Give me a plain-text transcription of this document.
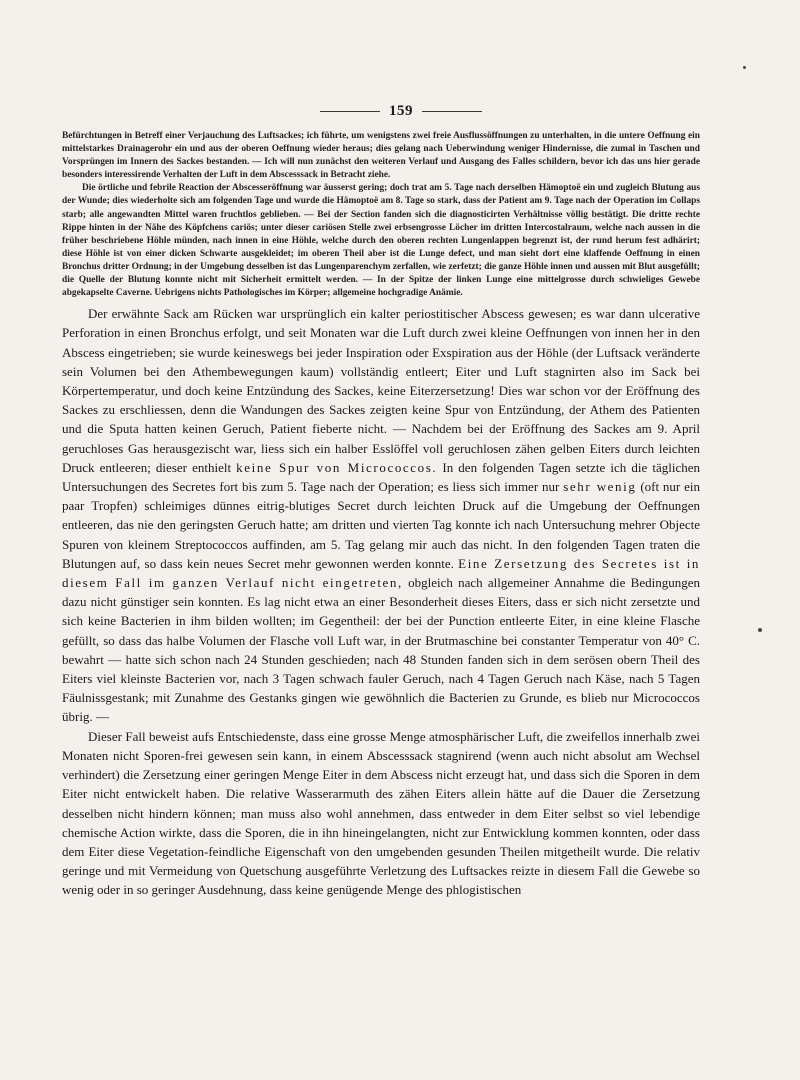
159

Befürchtungen in Betreff einer Verjauchung des Luftsackes; ich führte, um wenigstens zwei freie Ausflussöffnungen zu unterhalten, in die untere Oeffnung ein mittelstarkes Drainagerohr ein und aus der oberen Oeffnung wieder heraus; dies gelang nach Ueberwindung weniger Hindernisse, die zumal in Taschen und Vorsprüngen im Innern des Sackes bestanden. — Ich will nun zunächst den weiteren Verlauf und Ausgang des Falles schildern, bevor ich das uns hier gerade besonders interessirende Verhalten der Luft in dem Abscesssack in Betracht ziehe.

Die örtliche und febrile Reaction der Abscesseröffnung war äusserst gering; doch trat am 5. Tage nach derselben Hämoptoë ein und zugleich Blutung aus der Wunde; dies wiederholte sich am folgenden Tage und wurde die Hämoptoë am 8. Tage so stark, dass der Patient am 9. Tage nach der Operation im Collaps starb; alle angewandten Mittel waren fruchtlos geblieben. — Bei der Section fanden sich die diagnosticirten Verhältnisse völlig bestätigt. Die dritte rechte Rippe hinten in der Nähe des Köpfchens cariös; unter dieser cariösen Stelle zwei erbsengrosse Löcher im dritten Intercostalraum, welche nach aussen in die früher beschriebene Höhle münden, nach innen in eine Höhle, welche durch den oberen rechten Lungenlappen begrenzt ist, der rund herum fest adhärirt; diese Höhle ist von einer dicken Schwarte ausgekleidet; im oberen Theil aber ist die Lunge defect, und man sieht dort eine klaffende Oeffnung in einen Bronchus dritter Ordnung; in der Umgebung desselben ist das Lungenparenchym zerfallen, wie zerfetzt; die ganze Höhle innen und aussen mit Blut ausgefüllt; die Quelle der Blutung konnte nicht mit Sicherheit ermittelt werden. — In der Spitze der linken Lunge eine mittelgrosse durch schwieliges Gewebe abgekapselte Caverne. Uebrigens nichts Pathologisches im Körper; allgemeine hochgradige Anämie.

Der erwähnte Sack am Rücken war ursprünglich ein kalter periostitischer Abscess gewesen; es war dann ulcerative Perforation in einen Bronchus erfolgt, und seit Monaten war die Luft durch zwei kleine Oeffnungen von innen her in den Abscess eingetrieben; sie wurde keineswegs bei jeder Inspiration oder Exspiration aus der Höhle (der Luftsack veränderte sein Volumen bei den Athembewegungen kaum) vollständig entleert; Eiter und Luft stagnirten also im Sack bei Körpertemperatur, und doch keine Entzündung des Sackes, keine Eiterzersetzung! Dies war schon vor der Eröffnung des Sackes zu erschliessen, denn die Wandungen des Sackes zeigten keine Spur von Entzündung, der Athem des Patienten und die Sputa hatten keinen Geruch, Patient fieberte nicht. — Nachdem bei der Eröffnung des Sackes am 9. April geruchloses Gas herausgezischt war, liess sich ein halber Esslöffel voll geruchlosen zähen gelben Eiters durch leichten Druck entleeren; dieser enthielt keine Spur von Micrococcos. In den folgenden Tagen setzte ich die täglichen Untersuchungen des Secretes fort bis zum 5. Tage nach der Operation; es liess sich immer nur sehr wenig (oft nur ein paar Tropfen) schleimiges dünnes eitrig-blutiges Secret durch leichten Druck auf die Umgebung der Oeffnungen entleeren, das nie den geringsten Geruch hatte; am dritten und vierten Tag konnte ich nach Untersuchung mehrer Objecte Spuren von kleinem Streptococcos auffinden, am 5. Tag gelang mir auch das nicht. In den folgenden Tagen traten die Blutungen auf, so dass kein neues Secret mehr gewonnen werden konnte. Eine Zersetzung des Secretes ist in diesem Fall im ganzen Verlauf nicht eingetreten, obgleich nach allgemeiner Annahme die Bedingungen dazu nicht günstiger sein konnten. Es lag nicht etwa an einer Besonderheit dieses Eiters, dass er sich nicht zersetzte und sich keine Bacterien in ihm bilden wollten; im Gegentheil: der bei der Punction entleerte Eiter, in eine kleine Flasche gefüllt, so dass das halbe Volumen der Flasche voll Luft war, in der Brutmaschine bei constanter Temperatur von 40° C. bewahrt — hatte sich schon nach 24 Stunden geschieden; nach 48 Stunden fanden sich in dem serösen obern Theil des Eiters viel kleinste Bacterien vor, nach 3 Tagen schwach fauler Geruch, nach 4 Tagen Geruch nach Käse, nach 5 Tagen Fäulnissgestank; mit Zunahme des Gestanks gingen wie gewöhnlich die Bacterien zu Grunde, es blieb nur Micrococcos übrig. —

Dieser Fall beweist aufs Entschiedenste, dass eine grosse Menge atmosphärischer Luft, die zweifellos innerhalb zwei Monaten nicht Sporen-frei gewesen sein kann, in einem Abscesssack stagnirend (wenn auch nicht absolut am Wechsel verhindert) die Zersetzung einer geringen Menge Eiter in dem Abscess nicht erzeugt hat, und dass sich die Sporen in dem Eiter nicht entwickelt haben. Die relative Wasserarmuth des zähen Eiters allein hätte auf die Dauer die Zersetzung desselben nicht hindern können; man muss also wohl annehmen, dass entweder in dem Eiter selbst so viel lebendige chemische Action wirkte, dass die Sporen, die in ihn hineingelangten, nicht zur Entwicklung kommen konnten, oder dass dem Eiter diese Vegetation-feindliche Eigenschaft von den umgebenden gesunden Theilen mitgetheilt wurde. Die relativ geringe und mit Vermeidung von Quetschung ausgeführte Verletzung des Luftsackes reizte in diesem Fall die Gewebe so wenig oder in so geringer Ausdehnung, dass keine genügende Menge des phlogistischen
